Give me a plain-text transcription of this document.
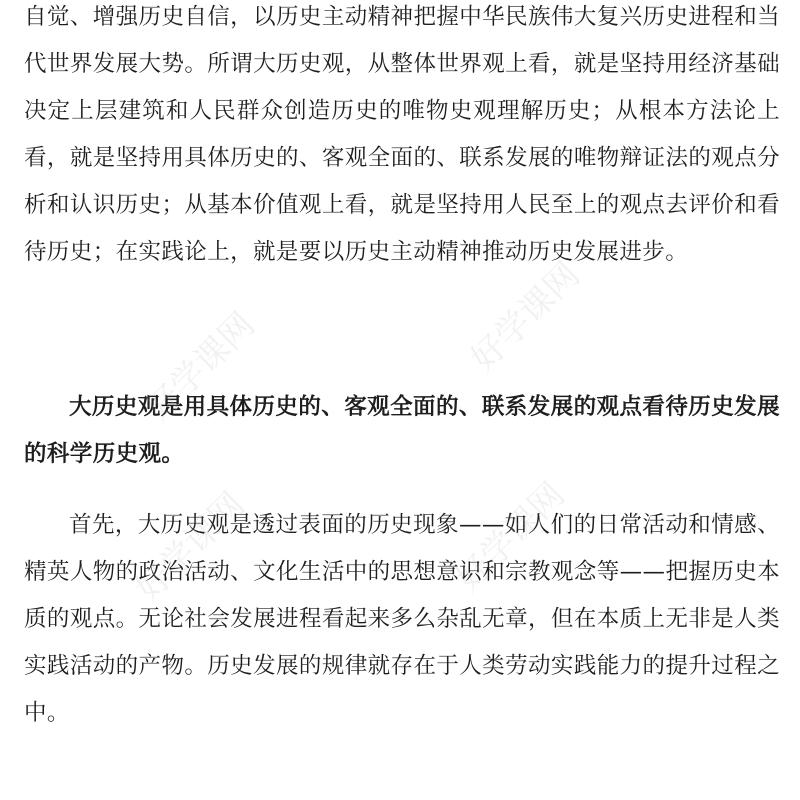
自觉、增强历史自信，以历史主动精神把握中华民族伟大复兴历史进程和当代世界发展大势。所谓大历史观，从整体世界观上看，就是坚持用经济基础决定上层建筑和人民群众创造历史的唯物史观理解历史；从根本方法论上看，就是坚持用具体历史的、客观全面的、联系发展的唯物辩证法的观点分析和认识历史；从基本价值观上看，就是坚持用人民至上的观点去评价和看待历史；在实践论上，就是要以历史主动精神推动历史发展进步。

大历史观是用具体历史的、客观全面的、联系发展的观点看待历史发展的科学历史观。

首先，大历史观是透过表面的历史现象——如人们的日常活动和情感、精英人物的政治活动、文化生活中的思想意识和宗教观念等——把握历史本质的观点。无论社会发展进程看起来多么杂乱无章，但在本质上无非是人类实践活动的产物。历史发展的规律就存在于人类劳动实践能力的提升过程之中。

好学课网
好学课网
好学课网
好学课网
